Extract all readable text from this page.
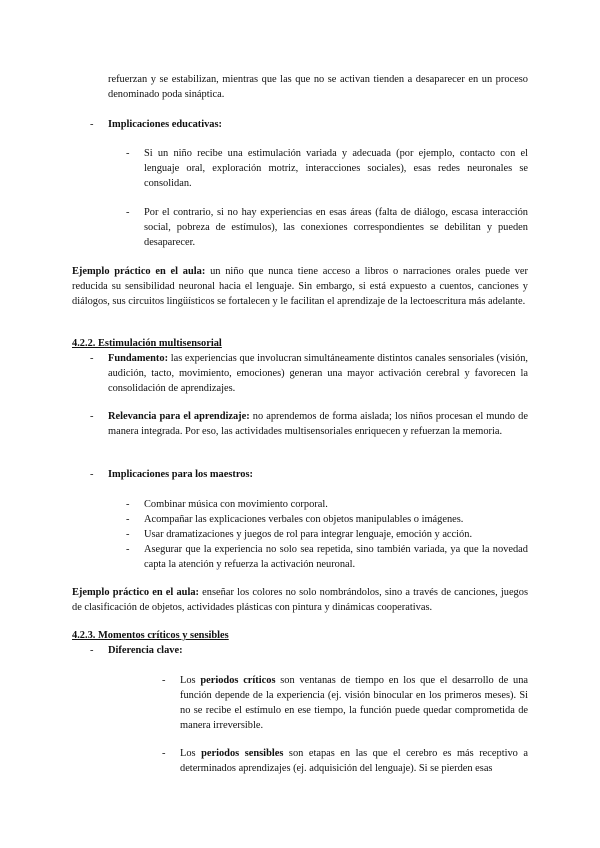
refuerzan y se estabilizan, mientras que las que no se activan tienden a desaparecer en un proceso denominado poda sináptica.
- Implicaciones educativas:
- Si un niño recibe una estimulación variada y adecuada (por ejemplo, contacto con el lenguaje oral, exploración motriz, interacciones sociales), esas redes neuronales se consolidan.
- Por el contrario, si no hay experiencias en esas áreas (falta de diálogo, escasa interacción social, pobreza de estímulos), las conexiones correspondientes se debilitan y pueden desaparecer.
Ejemplo práctico en el aula: un niño que nunca tiene acceso a libros o narraciones orales puede ver reducida su sensibilidad neuronal hacia el lenguaje. Sin embargo, si está expuesto a cuentos, canciones y diálogos, sus circuitos lingüísticos se fortalecen y le facilitan el aprendizaje de la lectoescritura más adelante.
4.2.2. Estimulación multisensorial
- Fundamento: las experiencias que involucran simultáneamente distintos canales sensoriales (visión, audición, tacto, movimiento, emociones) generan una mayor activación cerebral y favorecen la consolidación de aprendizajes.
- Relevancia para el aprendizaje: no aprendemos de forma aislada; los niños procesan el mundo de manera integrada. Por eso, las actividades multisensoriales enriquecen y refuerzan la memoria.
- Implicaciones para los maestros:
- Combinar música con movimiento corporal.
- Acompañar las explicaciones verbales con objetos manipulables o imágenes.
- Usar dramatizaciones y juegos de rol para integrar lenguaje, emoción y acción.
- Asegurar que la experiencia no solo sea repetida, sino también variada, ya que la novedad capta la atención y refuerza la activación neuronal.
Ejemplo práctico en el aula: enseñar los colores no solo nombrándolos, sino a través de canciones, juegos de clasificación de objetos, actividades plásticas con pintura y dinámicas cooperativas.
4.2.3. Momentos críticos y sensibles
- Diferencia clave:
- Los periodos críticos son ventanas de tiempo en los que el desarrollo de una función depende de la experiencia (ej. visión binocular en los primeros meses). Si no se recibe el estímulo en ese tiempo, la función puede quedar comprometida de manera irreversible.
- Los periodos sensibles son etapas en las que el cerebro es más receptivo a determinados aprendizajes (ej. adquisición del lenguaje). Si se pierden esas
